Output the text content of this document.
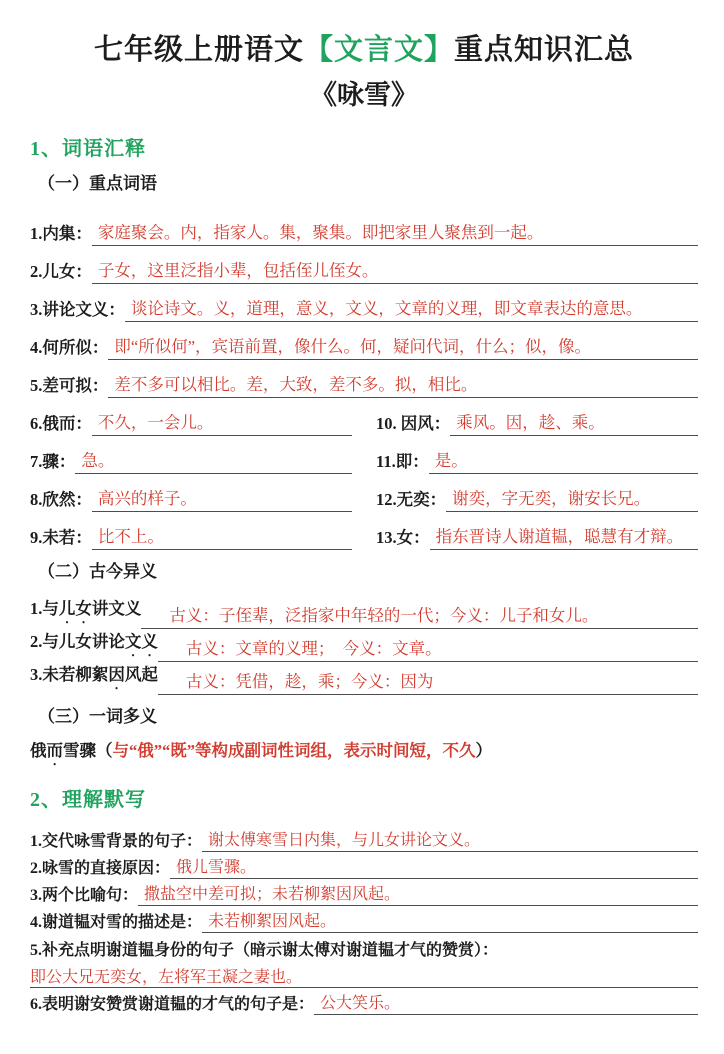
七年级上册语文【文言文】重点知识汇总
《咏雪》
1、词语汇释
（一）重点词语
1.内集： 家庭聚会。内，指家人。集，聚集。即把家里人聚焦到一起。
2.儿女： 子女，这里泛指小辈，包括侄儿侄女。
3.讲论文义： 谈论诗文。义，道理，意义，文义，文章的义理，即文章表达的意思。
4.何所似： 即“所似何”，宾语前置，像什么。何，疑问代词，什么；似，像。
5.差可拟： 差不多可以相比。差，大致，差不多。拟，相比。
6.俄而： 不久，一会儿。	10. 因风： 乘风。因，趁、乘。
7.骤： 急。	11.即： 是。
8.欣然： 高兴的样子。	12.无奕： 谢奕，字无奕，谢安长兄。
9.未若： 比不上。	13.女： 指东晋诗人谢道韫，聪慧有才辩。
（二）古今异义
1.与儿女讲文义	古义：子侄辈，泛指家中年轻的一代；今义：儿子和女儿。
2.与儿女讲论文义	古义：文章的义理；　今义：文章。
3.未若柳絮因风起	古义：凭借，趁，乘；今义：因为
（三）一词多义

俄而雪骤（与“俄”“既”等构成副词性词组，表示时间短，不久）

2、理解默写
1.交代咏雪背景的句子： 谢太傅寒雪日内集，与儿女讲论文义。
2.咏雪的直接原因： 俄儿雪骤。
3.两个比喻句： 撒盐空中差可拟；未若柳絮因风起。
4.谢道韫对雪的描述是： 未若柳絮因风起。
5.补充点明谢道韫身份的句子（暗示谢太傅对谢道韫才气的赞赏）：
即公大兄无奕女，左将军王凝之妻也。
6.表明谢安赞赏谢道韫的才气的句子是： 公大笑乐。
